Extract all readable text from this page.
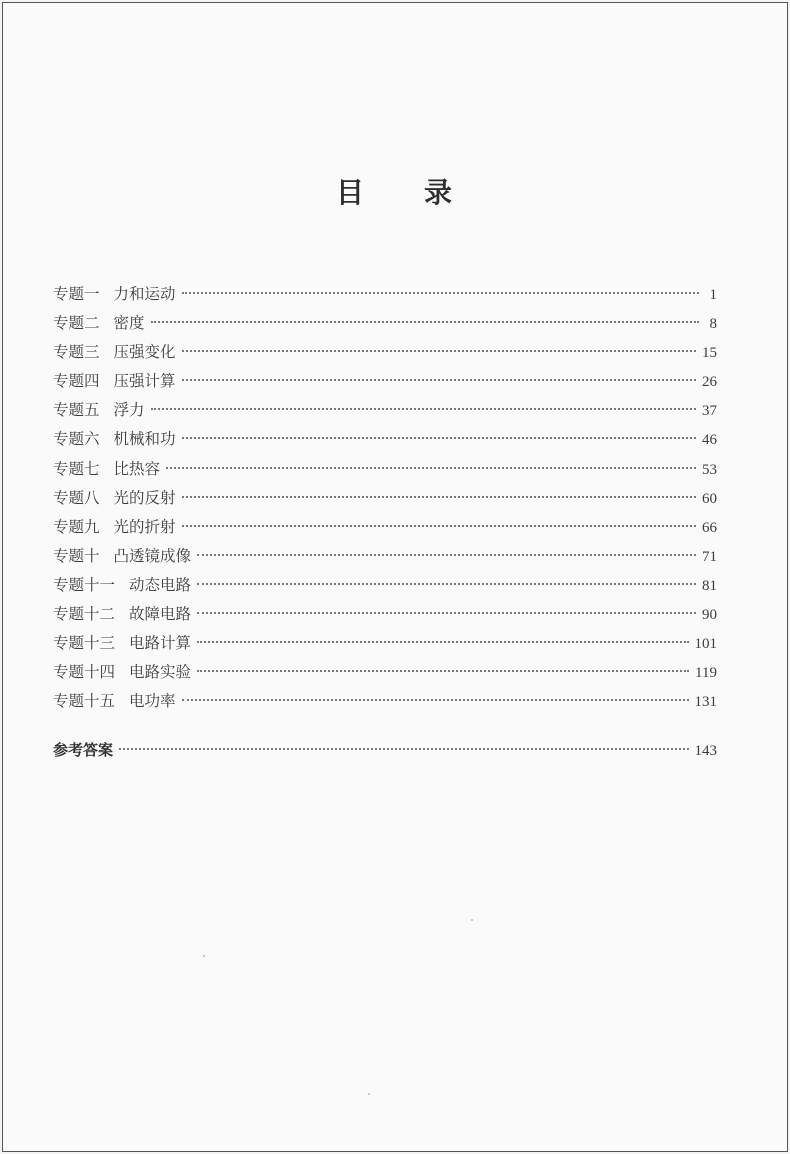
目 录
专题一 力和运动	1
专题二 密度	8
专题三 压强变化	15
专题四 压强计算	26
专题五 浮力	37
专题六 机械和功	46
专题七 比热容	53
专题八 光的反射	60
专题九 光的折射	66
专题十 凸透镜成像	71
专题十一 动态电路	81
专题十二 故障电路	90
专题十三 电路计算	101
专题十四 电路实验	119
专题十五 电功率	131
参考答案	143
